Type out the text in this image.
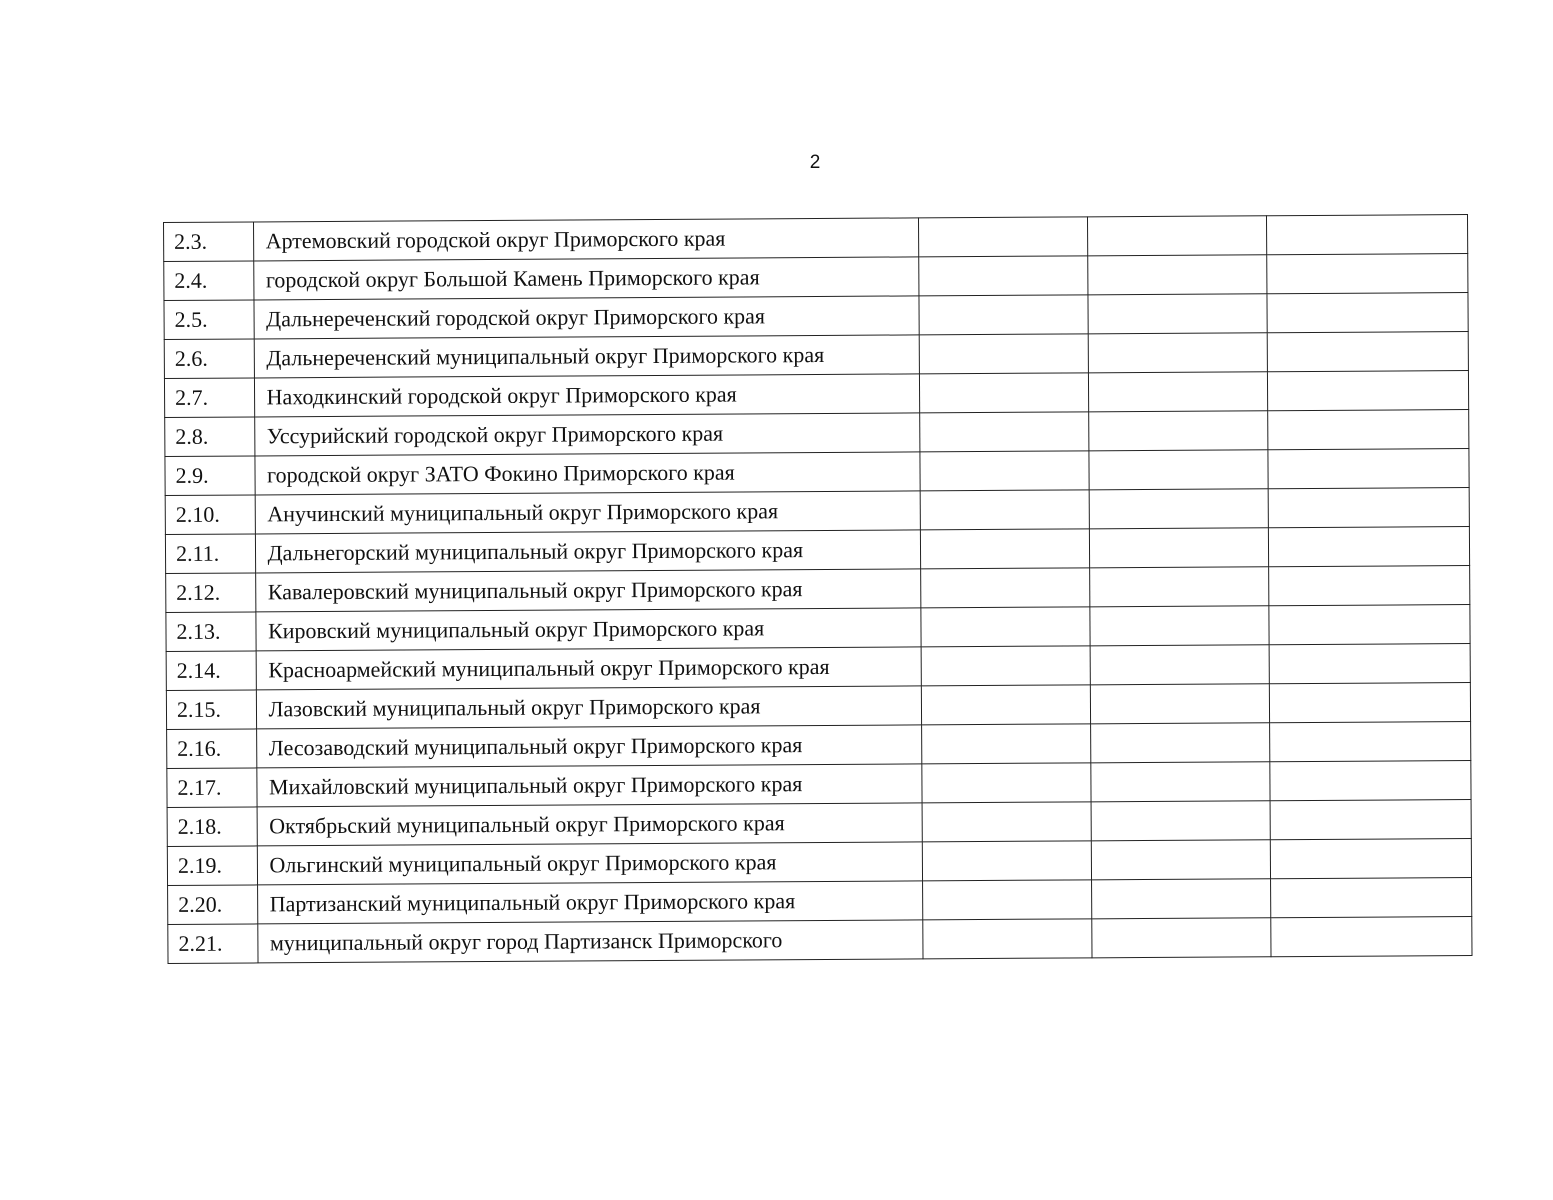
2
2.3.	Артемовский городской округ Приморского края			
2.4.	городской округ Большой Камень Приморского края			
2.5.	Дальнереченский городской округ Приморского края			
2.6.	Дальнереченский муниципальный округ Приморского края			
2.7.	Находкинский городской округ Приморского края			
2.8.	Уссурийский городской округ Приморского края			
2.9.	городской округ ЗАТО Фокино Приморского края			
2.10.	Анучинский муниципальный округ Приморского края			
2.11.	Дальнегорский муниципальный округ Приморского края			
2.12.	Кавалеровский муниципальный округ Приморского края			
2.13.	Кировский муниципальный округ Приморского края			
2.14.	Красноармейский муниципальный округ Приморского края			
2.15.	Лазовский муниципальный округ Приморского края			
2.16.	Лесозаводский муниципальный округ Приморского края			
2.17.	Михайловский муниципальный округ Приморского края			
2.18.	Октябрьский муниципальный округ Приморского края			
2.19.	Ольгинский муниципальный округ Приморского края			
2.20.	Партизанский муниципальный округ Приморского края			
2.21.	муниципальный округ город Партизанск Приморского			
